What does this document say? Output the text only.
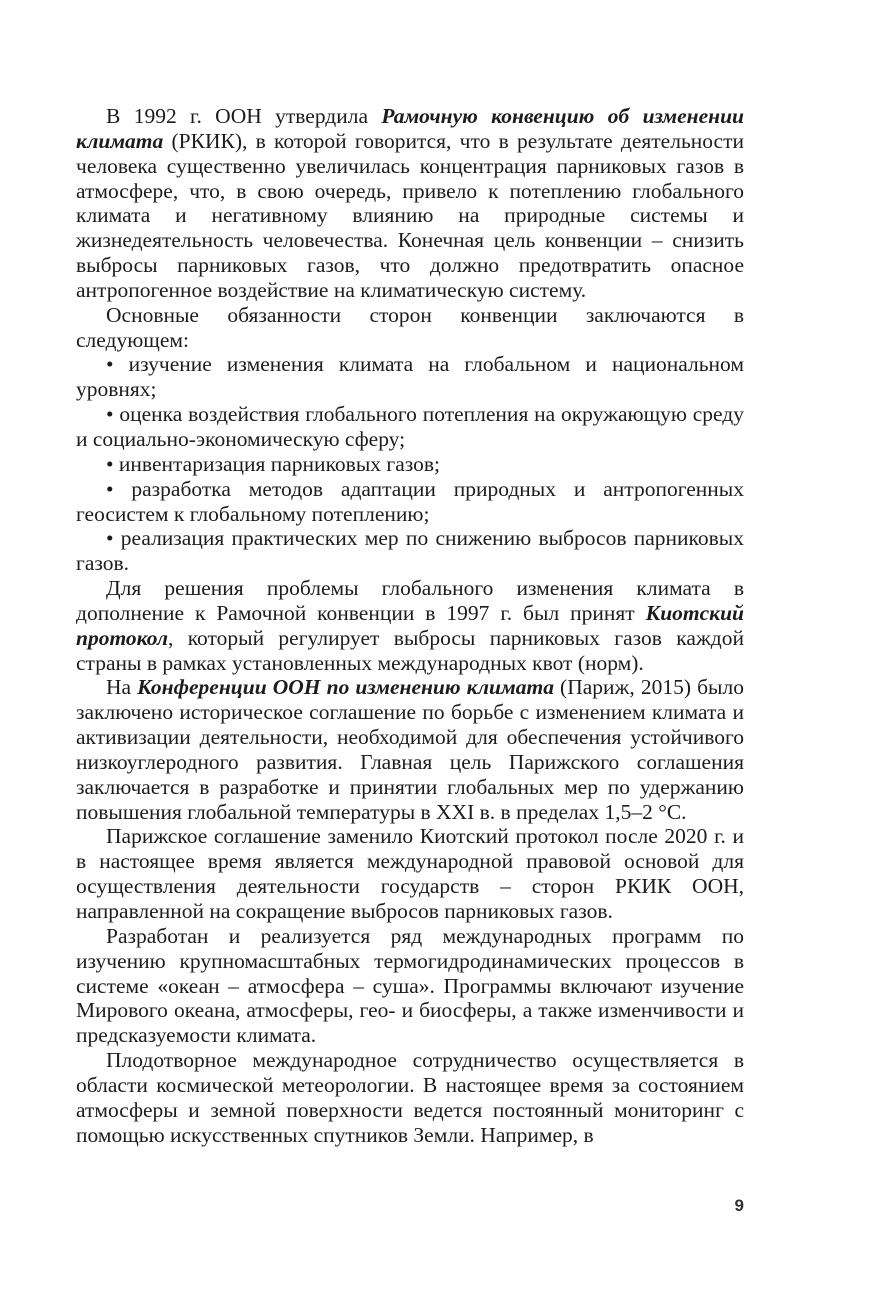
В 1992 г. ООН утвердила Рамочную конвенцию об изменении климата (РКИК), в которой говорится, что в результате деятельности человека существенно увеличилась концентрация парниковых газов в атмосфере, что, в свою очередь, привело к потеплению глобального климата и негативному влиянию на природные системы и жизнедеятельность человечества. Конечная цель конвенции – снизить выбросы парниковых газов, что должно предотвратить опасное антропогенное воздействие на климатическую систему.

Основные обязанности сторон конвенции заключаются в следующем:

• изучение изменения климата на глобальном и национальном уровнях;

• оценка воздействия глобального потепления на окружающую среду и социально-экономическую сферу;

• инвентаризация парниковых газов;

• разработка методов адаптации природных и антропогенных геосистем к глобальному потеплению;

• реализация практических мер по снижению выбросов парниковых газов.

Для решения проблемы глобального изменения климата в дополнение к Рамочной конвенции в 1997 г. был принят Киотский протокол, который регулирует выбросы парниковых газов каждой страны в рамках установленных международных квот (норм).

На Конференции ООН по изменению климата (Париж, 2015) было заключено историческое соглашение по борьбе с изменением климата и активизации деятельности, необходимой для обеспечения устойчивого низкоуглеродного развития. Главная цель Парижского соглашения заключается в разработке и принятии глобальных мер по удержанию повышения глобальной температуры в XXI в. в пределах 1,5–2 °С.

Парижское соглашение заменило Киотский протокол после 2020 г. и в настоящее время является международной правовой основой для осуществления деятельности государств – сторон РКИК ООН, направленной на сокращение выбросов парниковых газов.

Разработан и реализуется ряд международных программ по изучению крупномасштабных термогидродинамических процессов в системе «океан – атмосфера – суша». Программы включают изучение Мирового океана, атмосферы, гео- и биосферы, а также изменчивости и предсказуемости климата.

Плодотворное международное сотрудничество осуществляется в области космической метеорологии. В настоящее время за состоянием атмосферы и земной поверхности ведется постоянный мониторинг с помощью искусственных спутников Земли. Например, в

9
